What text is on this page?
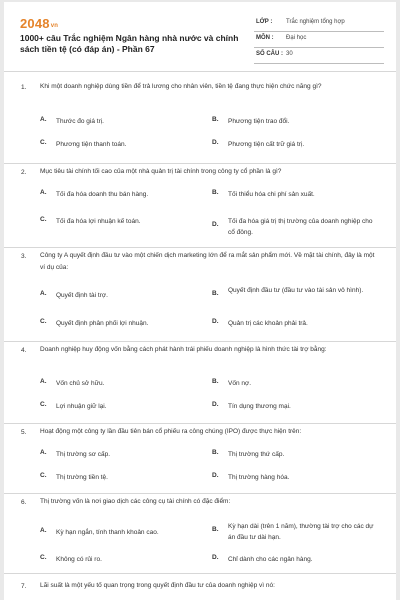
2048vn
1000+ câu Trắc nghiệm Ngân hàng nhà nước và chính sách tiền tệ (có đáp án) - Phần 67
LỚP : Trắc nghiệm tổng hợp
MÔN : Đại học
SỐ CÂU : 30
1. Khi một doanh nghiệp dùng tiền để trả lương cho nhân viên, tiền tệ đang thực hiện chức năng gì?
A. Thước đo giá trị.	B. Phương tiện trao đổi.
C. Phương tiện thanh toán.	D. Phương tiện cất trữ giá trị.
2. Mục tiêu tài chính tối cao của một nhà quản trị tài chính trong công ty cổ phần là gì?
A. Tối đa hóa doanh thu bán hàng.	B. Tối thiểu hóa chi phí sản xuất.
C. Tối đa hóa lợi nhuận kế toán.	D. Tối đa hóa giá trị thị trường của doanh nghiệp cho cổ đông.
3. Công ty A quyết định đầu tư vào một chiến dịch marketing lớn để ra mắt sản phẩm mới. Về mặt tài chính, đây là một ví dụ của:
A. Quyết định tài trợ.	B. Quyết định đầu tư (đầu tư vào tài sản vô hình).
C. Quyết định phân phối lợi nhuận.	D. Quản trị các khoản phải trả.
4. Doanh nghiệp huy động vốn bằng cách phát hành trái phiếu doanh nghiệp là hình thức tài trợ bằng:
A. Vốn chủ sở hữu.	B. Vốn nợ.
C. Lợi nhuận giữ lại.	D. Tín dụng thương mại.
5. Hoạt động một công ty lần đầu tiên bán cổ phiếu ra công chúng (IPO) được thực hiện trên:
A. Thị trường sơ cấp.	B. Thị trường thứ cấp.
C. Thị trường tiền tệ.	D. Thị trường hàng hóa.
6. Thị trường vốn là nơi giao dịch các công cụ tài chính có đặc điểm:
A. Kỳ hạn ngắn, tính thanh khoản cao.	B. Kỳ hạn dài (trên 1 năm), thường tài trợ cho các dự án đầu tư dài hạn.
C. Không có rủi ro.	D. Chỉ dành cho các ngân hàng.
7. Lãi suất là một yếu tố quan trọng trong quyết định đầu tư của doanh nghiệp vì nó:
